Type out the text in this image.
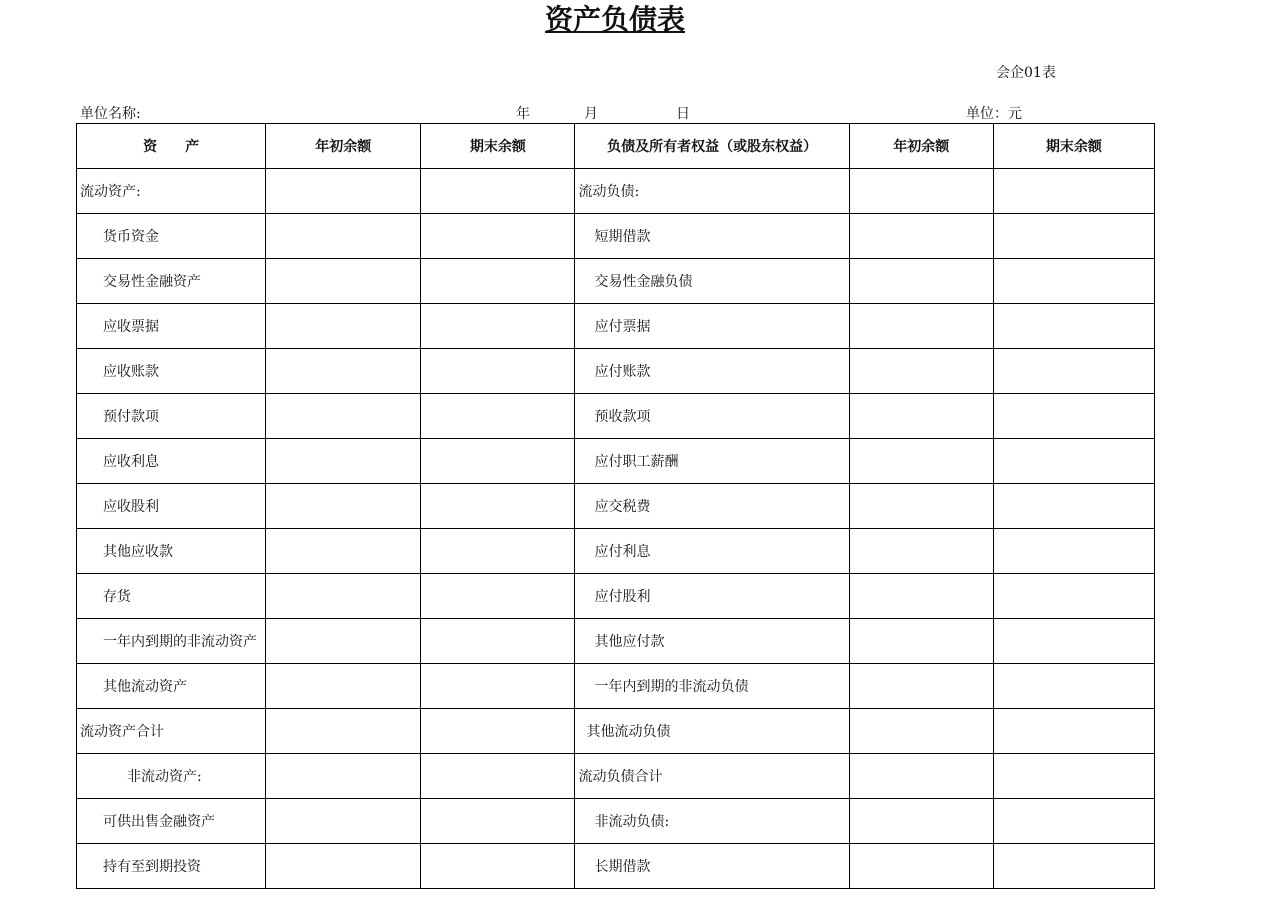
资产负债表
会企01表
单位名称:	年	月	日	单位：元
资　　产	年初余额	期末余额	负债及所有者权益（或股东权益）	年初余额	期末余额
流动资产:			流动负债:		
货币资金			短期借款		
交易性金融资产			交易性金融负债		
应收票据			应付票据		
应收账款			应付账款		
预付款项			预收款项		
应收利息			应付职工薪酬		
应收股利			应交税费		
其他应收款			应付利息		
存货			应付股利		
一年内到期的非流动资产			其他应付款		
其他流动资产			一年内到期的非流动负债		
流动资产合计			其他流动负债		
非流动资产:			流动负债合计		
可供出售金融资产			非流动负债:		
持有至到期投资			长期借款		
